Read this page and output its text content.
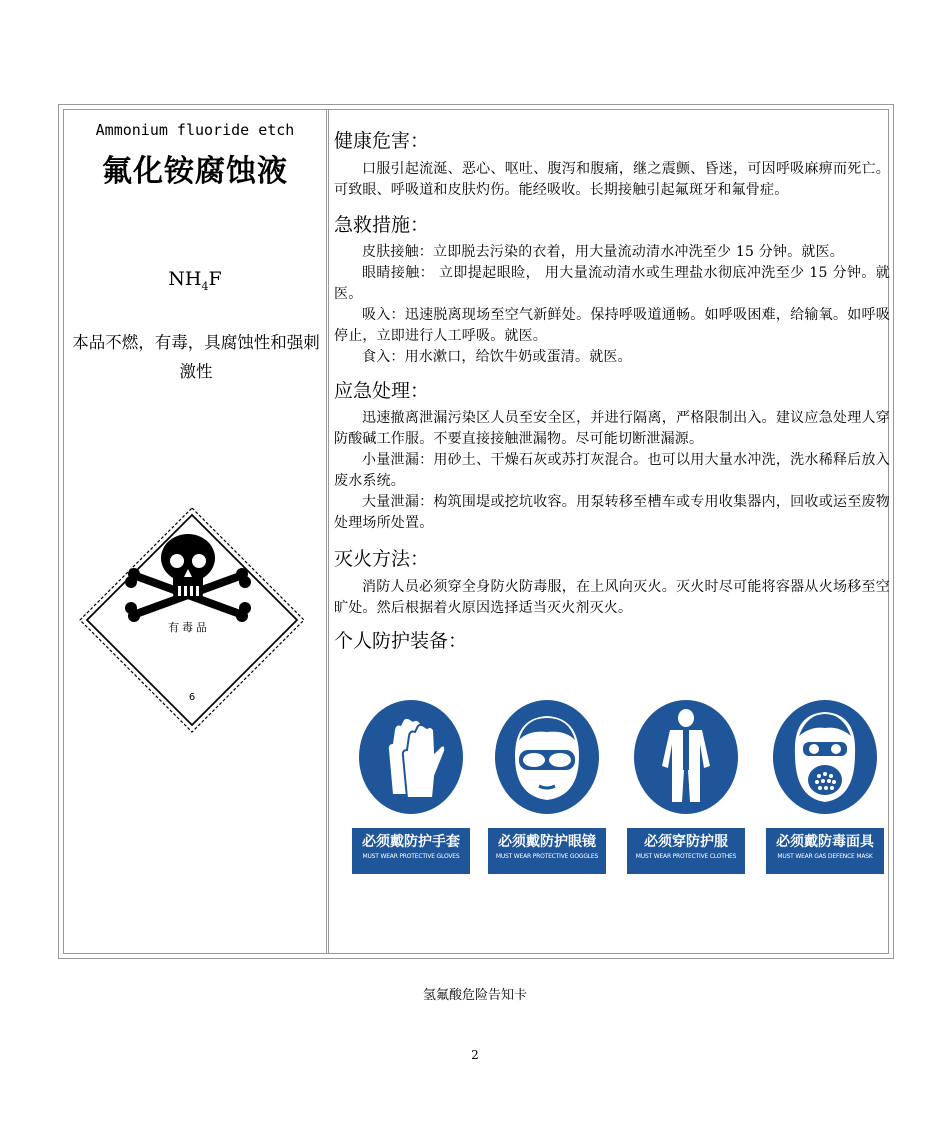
Ammonium fluoride etch
氟化铵腐蚀液
$NH_4F$
本品不燃，有毒，具腐蚀性和强刺激性
有毒品
6
健康危害：

口服引起流涎、恶心、呕吐、腹泻和腹痛，继之震颤、昏迷，可因呼吸麻痹而死亡。可致眼、呼吸道和皮肤灼伤。能经吸收。长期接触引起氟斑牙和氟骨症。

急救措施：

皮肤接触：立即脱去污染的衣着，用大量流动清水冲洗至少 15 分钟。就医。

眼睛接触： 立即提起眼睑， 用大量流动清水或生理盐水彻底冲洗至少 15 分钟。就医。

吸入：迅速脱离现场至空气新鲜处。保持呼吸道通畅。如呼吸困难，给输氧。如呼吸停止，立即进行人工呼吸。就医。

食入：用水漱口，给饮牛奶或蛋清。就医。

应急处理：

迅速撤离泄漏污染区人员至安全区，并进行隔离，严格限制出入。建议应急处理人穿防酸碱工作服。不要直接接触泄漏物。尽可能切断泄漏源。

小量泄漏：用砂土、干燥石灰或苏打灰混合。也可以用大量水冲洗，洗水稀释后放入废水系统。

大量泄漏：构筑围堤或挖坑收容。用泵转移至槽车或专用收集器内，回收或运至废物处理场所处置。

灭火方法：

消防人员必须穿全身防火防毒服，在上风向灭火。灭火时尽可能将容器从火场移至空旷处。然后根据着火原因选择适当灭火剂灭火。

个人防护装备：
必须戴防护手套
MUST WEAR PROTECTIVE GLOVES
必须戴防护眼镜
MUST WEAR PROTECTIVE GOGGLES
必须穿防护服
MUST WEAR PROTECTIVE CLOTHES
必须戴防毒面具
MUST WEAR GAS DEFENCE MASK
氢氟酸危险告知卡
2
